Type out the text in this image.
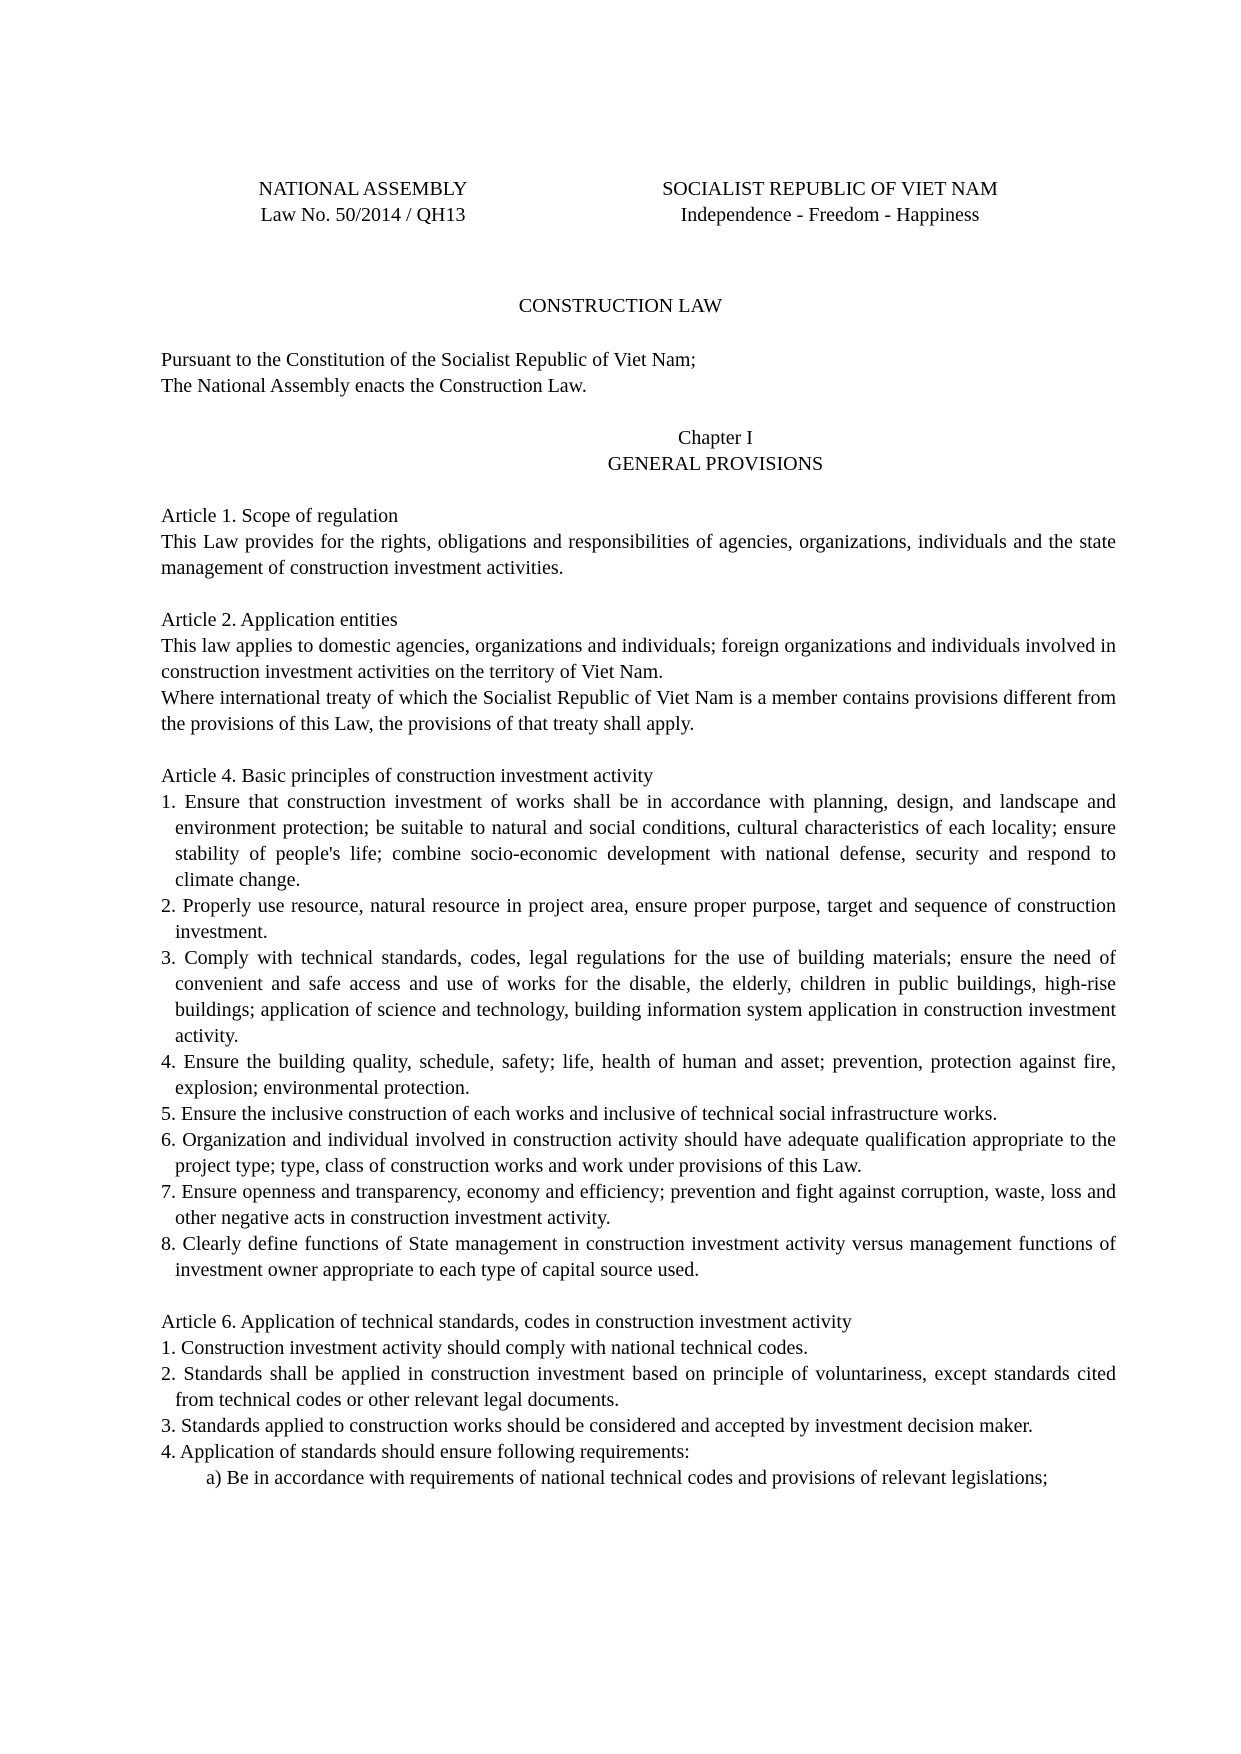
NATIONAL ASSEMBLY
Law No. 50/2014 / QH13
SOCIALIST REPUBLIC OF VIET NAM
Independence - Freedom - Happiness
CONSTRUCTION LAW

Pursuant to the Constitution of the Socialist Republic of Viet Nam;

The National Assembly enacts the Construction Law.

Chapter I

GENERAL PROVISIONS

Article 1. Scope of regulation

This Law provides for the rights, obligations and responsibilities of agencies, organizations, individuals and the state management of construction investment activities.

Article 2. Application entities

This law applies to domestic agencies, organizations and individuals; foreign organizations and individuals involved in construction investment activities on the territory of Viet Nam.

Where international treaty of which the Socialist Republic of Viet Nam is a member contains provisions different from the provisions of this Law, the provisions of that treaty shall apply.

Article 4. Basic principles of construction investment activity

1. Ensure that construction investment of works shall be in accordance with planning, design, and landscape and environment protection; be suitable to natural and social conditions, cultural characteristics of each locality; ensure stability of people's life; combine socio-economic development with national defense, security and respond to climate change.

2. Properly use resource, natural resource in project area, ensure proper purpose, target and sequence of construction investment.

3. Comply with technical standards, codes, legal regulations for the use of building materials; ensure the need of convenient and safe access and use of works for the disable, the elderly, children in public buildings, high-rise buildings; application of science and technology, building information system application in construction investment activity.

4. Ensure the building quality, schedule, safety; life, health of human and asset; prevention, protection against fire, explosion; environmental protection.

5. Ensure the inclusive construction of each works and inclusive of technical social infrastructure works.

6. Organization and individual involved in construction activity should have adequate qualification appropriate to the project type; type, class of construction works and work under provisions of this Law.

7. Ensure openness and transparency, economy and efficiency; prevention and fight against corruption, waste, loss and other negative acts in construction investment activity.

8. Clearly define functions of State management in construction investment activity versus management functions of investment owner appropriate to each type of capital source used.

Article 6. Application of technical standards, codes in construction investment activity

1. Construction investment activity should comply with national technical codes.

2. Standards shall be applied in construction investment based on principle of voluntariness, except standards cited from technical codes or other relevant legal documents.

3. Standards applied to construction works should be considered and accepted by investment decision maker.

4. Application of standards should ensure following requirements:

a) Be in accordance with requirements of national technical codes and provisions of relevant legislations;
